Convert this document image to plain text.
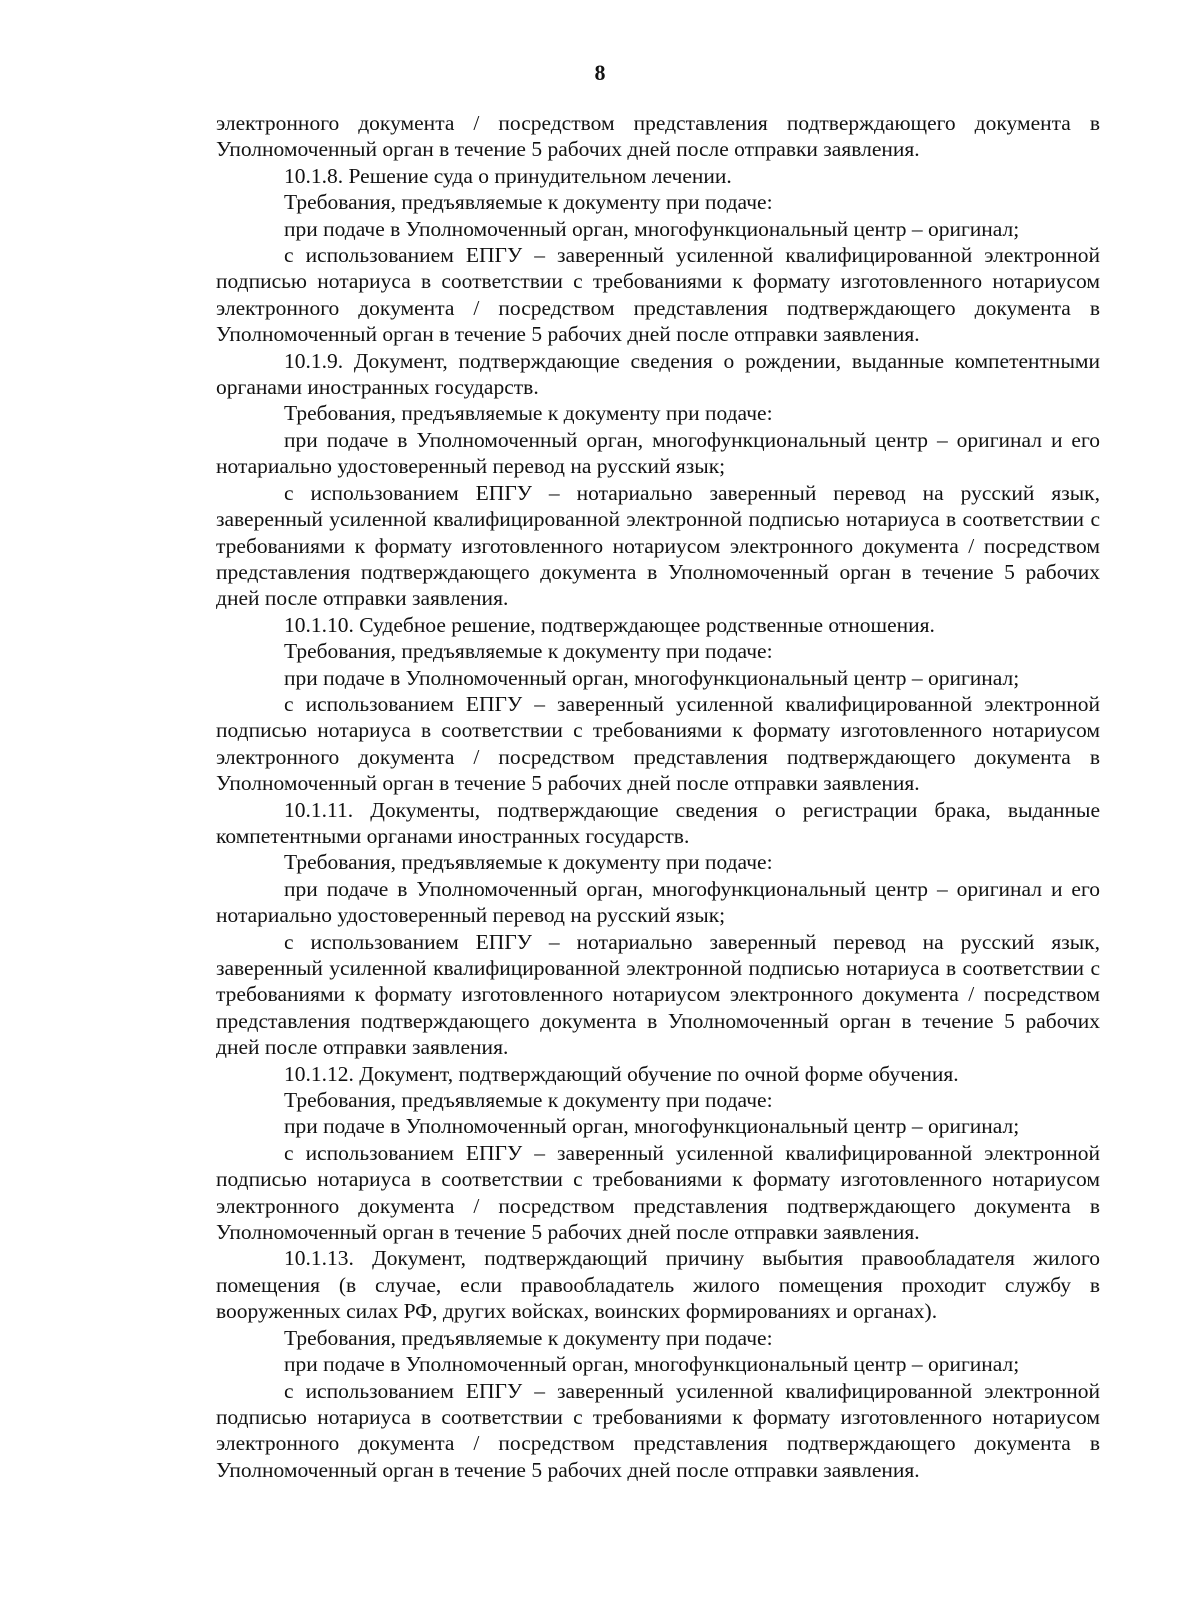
8

электронного документа / посредством представления подтверждающего документа в Уполномоченный орган в течение 5 рабочих дней после отправки заявления.

10.1.8. Решение суда о принудительном лечении.

Требования, предъявляемые к документу при подаче:

при подаче в Уполномоченный орган, многофункциональный центр – оригинал;

с использованием ЕПГУ – заверенный усиленной квалифицированной электронной подписью нотариуса в соответствии с требованиями к формату изготовленного нотариусом электронного документа / посредством представления подтверждающего документа в Уполномоченный орган в течение 5 рабочих дней после отправки заявления.

10.1.9. Документ, подтверждающие сведения о рождении, выданные компетентными органами иностранных государств.

Требования, предъявляемые к документу при подаче:

при подаче в Уполномоченный орган, многофункциональный центр – оригинал и его нотариально удостоверенный перевод на русский язык;

с использованием ЕПГУ – нотариально заверенный перевод на русский язык, заверенный усиленной квалифицированной электронной подписью нотариуса в соответствии с требованиями к формату изготовленного нотариусом электронного документа / посредством представления подтверждающего документа в Уполномоченный орган в течение 5 рабочих дней после отправки заявления.

10.1.10. Судебное решение, подтверждающее родственные отношения.

Требования, предъявляемые к документу при подаче:

при подаче в Уполномоченный орган, многофункциональный центр – оригинал;

с использованием ЕПГУ – заверенный усиленной квалифицированной электронной подписью нотариуса в соответствии с требованиями к формату изготовленного нотариусом электронного документа / посредством представления подтверждающего документа в Уполномоченный орган в течение 5 рабочих дней после отправки заявления.

10.1.11. Документы, подтверждающие сведения о регистрации брака, выданные компетентными органами иностранных государств.

Требования, предъявляемые к документу при подаче:

при подаче в Уполномоченный орган, многофункциональный центр – оригинал и его нотариально удостоверенный перевод на русский язык;

с использованием ЕПГУ – нотариально заверенный перевод на русский язык, заверенный усиленной квалифицированной электронной подписью нотариуса в соответствии с требованиями к формату изготовленного нотариусом электронного документа / посредством представления подтверждающего документа в Уполномоченный орган в течение 5 рабочих дней после отправки заявления.

10.1.12. Документ, подтверждающий обучение по очной форме обучения.

Требования, предъявляемые к документу при подаче:

при подаче в Уполномоченный орган, многофункциональный центр – оригинал;

с использованием ЕПГУ – заверенный усиленной квалифицированной электронной подписью нотариуса в соответствии с требованиями к формату изготовленного нотариусом электронного документа / посредством представления подтверждающего документа в Уполномоченный орган в течение 5 рабочих дней после отправки заявления.

10.1.13. Документ, подтверждающий причину выбытия правообладателя жилого помещения (в случае, если правообладатель жилого помещения проходит службу в вооруженных силах РФ, других войсках, воинских формированиях и органах).

Требования, предъявляемые к документу при подаче:

при подаче в Уполномоченный орган, многофункциональный центр – оригинал;

с использованием ЕПГУ – заверенный усиленной квалифицированной электронной подписью нотариуса в соответствии с требованиями к формату изготовленного нотариусом электронного документа / посредством представления подтверждающего документа в Уполномоченный орган в течение 5 рабочих дней после отправки заявления.
